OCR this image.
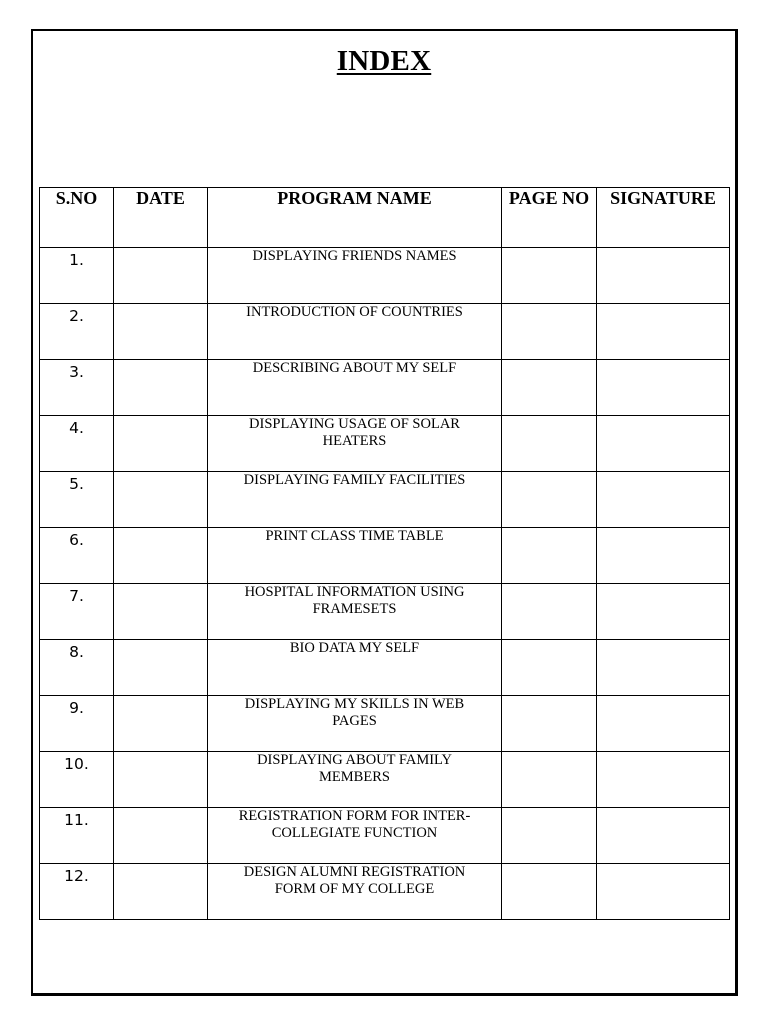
INDEX
S.NO	DATE	PROGRAM NAME	PAGE NO	SIGNATURE
1.		DISPLAYING FRIENDS NAMES		
2.		INTRODUCTION OF COUNTRIES		
3.		DESCRIBING ABOUT MY SELF		
4.		DISPLAYING USAGE OF SOLAR HEATERS		
5.		DISPLAYING FAMILY FACILITIES		
6.		PRINT CLASS TIME TABLE		
7.		HOSPITAL INFORMATION USING FRAMESETS		
8.		BIO DATA MY SELF		
9.		DISPLAYING MY SKILLS IN WEB PAGES		
10.		DISPLAYING ABOUT FAMILY MEMBERS		
11.		REGISTRATION FORM FOR INTER-COLLEGIATE FUNCTION		
12.		DESIGN ALUMNI REGISTRATION FORM OF MY COLLEGE		
